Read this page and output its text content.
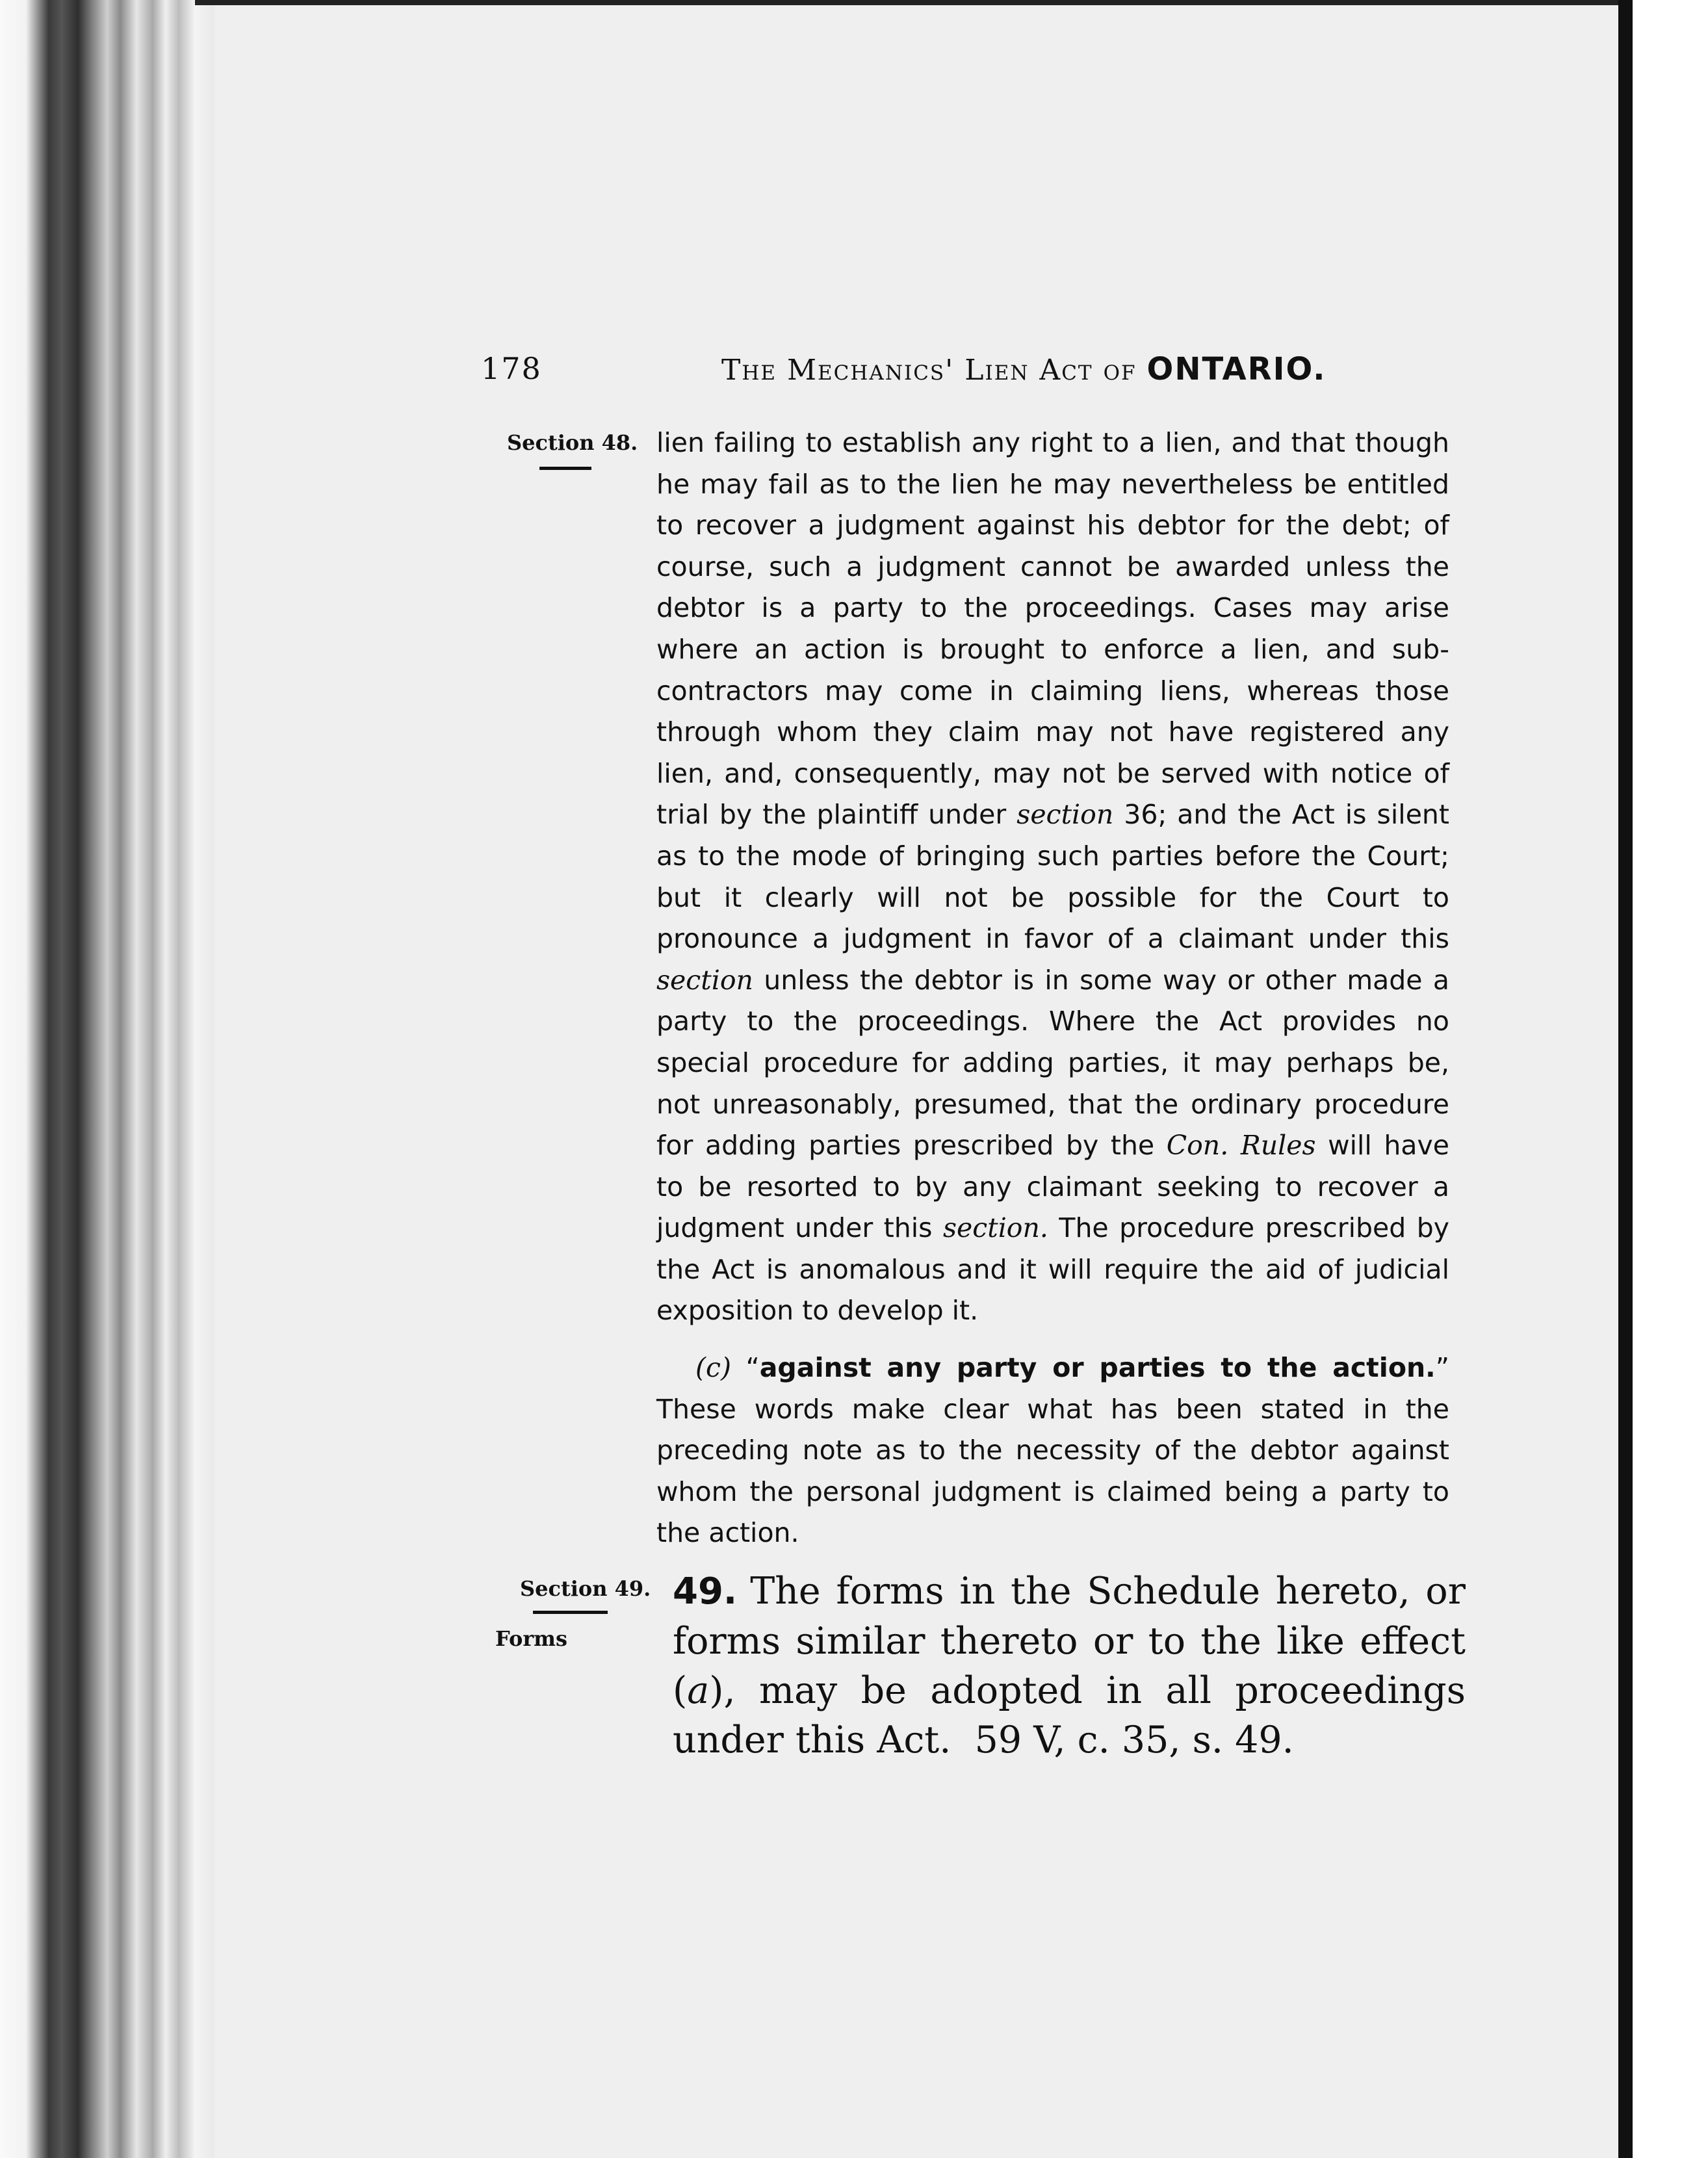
178	The Mechanics' Lien Act of ONTARIO.
Section 48.
Section 49.
Forms

lien failing to establish any right to a lien, and that though he may fail as to the lien he may nevertheless be entitled to recover a judgment against his debtor for the debt; of course, such a judgment cannot be awarded unless the debtor is a party to the proceedings. Cases may arise where an action is brought to enforce a lien, and sub-contractors may come in claiming liens, whereas those through whom they claim may not have registered any lien, and, consequently, may not be served with notice of trial by the plaintiff under section 36; and the Act is silent as to the mode of bringing such parties before the Court; but it clearly will not be possible for the Court to pronounce a judgment in favor of a claimant under this section unless the debtor is in some way or other made a party to the proceedings. Where the Act provides no special procedure for adding parties, it may perhaps be, not unreasonably, presumed, that the ordinary procedure for adding parties prescribed by the Con. Rules will have to be resorted to by any claimant seeking to recover a judgment under this section. The procedure prescribed by the Act is anomalous and it will require the aid of judicial exposition to develop it.

(c) “against any party or parties to the action.” These words make clear what has been stated in the preceding note as to the necessity of the debtor against whom the personal judgment is claimed being a party to the action.

49. The forms in the Schedule hereto, or forms similar thereto or to the like effect (a), may be adopted in all proceedings under this Act. 59 V, c. 35, s. 49.
